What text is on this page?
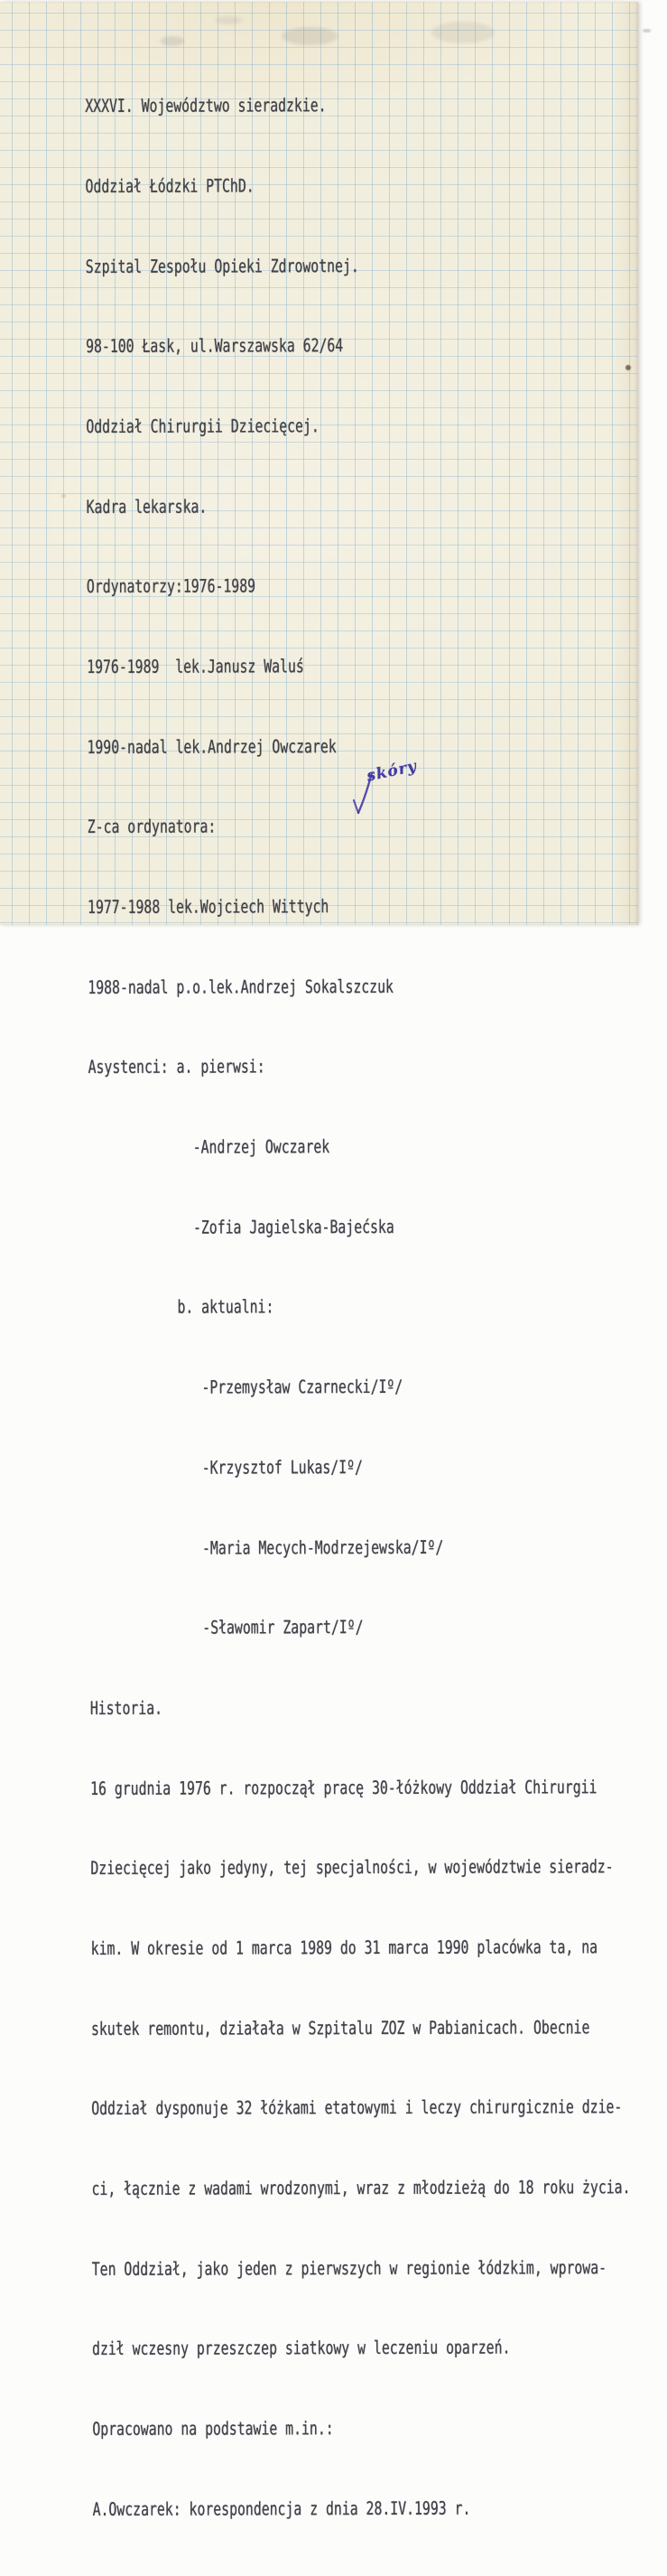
XXXVI. Województwo sieradzkie.

Oddział Łódzki PTChD.

Szpital Zespołu Opieki Zdrowotnej.

98-100 Łask, ul.Warszawska 62/64

Oddział Chirurgii Dziecięcej.

Kadra lekarska.

Ordynatorzy:1976-1989

1976-1989  lek.Janusz Waluś

1990-nadal lek.Andrzej Owczarek

Z-ca ordynatora:

1977-1988 lek.Wojciech Wittych

1988-nadal p.o.lek.Andrzej Sokalszczuk

Asystenci: a. pierwsi:

-Andrzej Owczarek

-Zofia Jagielska-Bajećska

b. aktualni:

-Przemysław Czarnecki/Iº/

-Krzysztof Lukas/Iº/

-Maria Mecych-Modrzejewska/Iº/

-Sławomir Zapart/Iº/

Historia.

16 grudnia 1976 r. rozpoczął pracę 30-łóżkowy Oddział Chirurgii

Dziecięcej jako jedyny, tej specjalności, w województwie sieradz-

kim. W okresie od 1 marca 1989 do 31 marca 1990 placówka ta, na

skutek remontu, działała w Szpitalu ZOZ w Pabianicach. Obecnie

Oddział dysponuje 32 łóżkami etatowymi i leczy chirurgicznie dzie-

ci, łącznie z wadami wrodzonymi, wraz z młodzieżą do 18 roku życia.

Ten Oddział, jako jeden z pierwszych w regionie łódzkim, wprowa-

dził wczesny przeszczep siatkowy w leczeniu oparzeń.

Opracowano na podstawie m.in.:

A.Owczarek: korespondencja z dnia 28.IV.1993 r.

skóry
